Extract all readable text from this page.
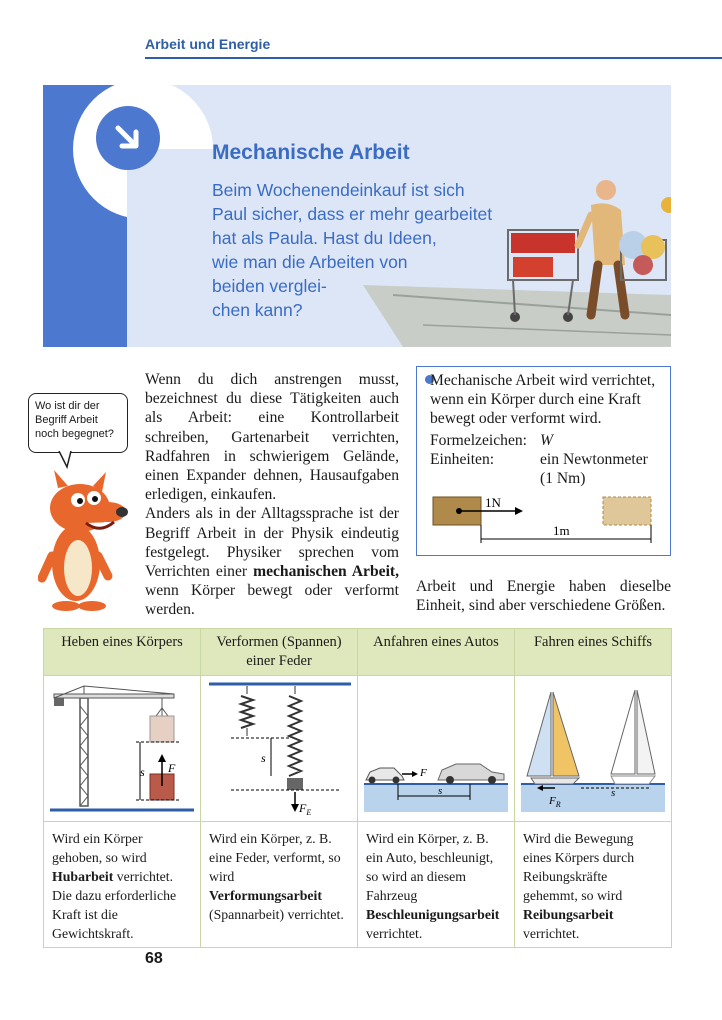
Arbeit und Energie
Mechanische Arbeit
Beim Wochenendeinkauf ist sich
Paul sicher, dass er mehr gearbeitet
hat als Paula. Hast du Ideen,
wie man die Arbeiten von
beiden verglei-
chen kann?
Wo ist dir der
Begriff Arbeit
noch begegnet?

Wenn du dich anstrengen musst, bezeichnest du diese Tätigkeiten auch als Arbeit: eine Kontrollarbeit schreiben, Gartenarbeit verrichten, Radfahren in schwierigem Gelände, einen Expander dehnen, Hausaufgaben erledigen, einkaufen.

Anders als in der Alltagssprache ist der Begriff Arbeit in der Physik eindeutig festgelegt. Physiker sprechen vom Verrichten einer mechanischen Arbeit, wenn Körper bewegt oder verformt werden.

Mechanische Arbeit wird verrichtet, wenn ein Körper durch eine Kraft bewegt oder verformt wird.
Formelzeichen: W
Einheiten:	ein Newtonmeter
(1 Nm)
1N
1m
Arbeit und Energie haben dieselbe Einheit, sind aber verschiedene Größen.
Heben eines Körpers	Verformen (Spannen) einer Feder	Anfahren eines Autos	Fahren eines Schiffs

s F	s
$F_E$	F
s	$F_R$
s

Wird ein Körper gehoben, so wird Hubarbeit verrichtet. Die dazu erforderliche Kraft ist die Gewichtskraft.	Wird ein Körper, z. B. eine Feder, verformt, so wird Verformungsarbeit (Spannarbeit) verrichtet.	Wird ein Körper, z. B. ein Auto, beschleunigt, so wird an diesem Fahrzeug Beschleunigungsarbeit verrichtet.	Wird die Bewegung eines Körpers durch Reibungskräfte gehemmt, so wird Reibungsarbeit verrichtet.
68
